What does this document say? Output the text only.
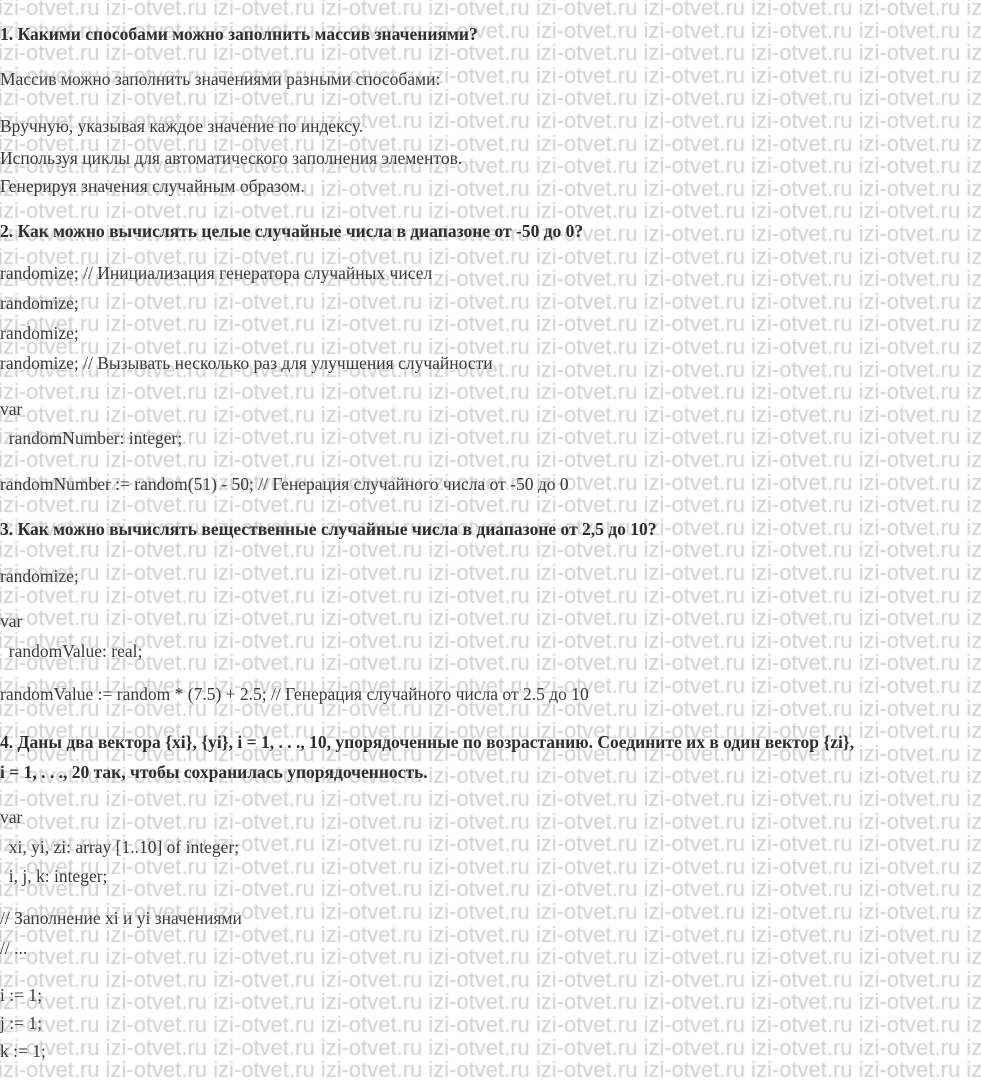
1. Какими способами можно заполнить массив значениями?
Массив можно заполнить значениями разными способами:
Вручную, указывая каждое значение по индексу.
Используя циклы для автоматического заполнения элементов.
Генерируя значения случайным образом.
2. Как можно вычислять целые случайные числа в диапазоне от -50 до 0?
randomize; // Инициализация генератора случайных чисел
randomize;
randomize;
randomize; // Вызывать несколько раз для улучшения случайности
var
randomNumber: integer;
randomNumber := random(51) - 50; // Генерация случайного числа от -50 до 0
3. Как можно вычислять вещественные случайные числа в диапазоне от 2,5 до 10?
randomize;
var
randomValue: real;
randomValue := random * (7.5) + 2.5; // Генерация случайного числа от 2.5 до 10
4. Даны два вектора {xi}, {yi}, i = 1, . . ., 10, упорядоченные по возрастанию. Соедините их в один вектор {zi},
i = 1, . . ., 20 так, чтобы сохранилась упорядоченность.
var
xi, yi, zi: array [1..10] of integer;
i, j, k: integer;
// Заполнение xi и yi значениями
// ...
i := 1;
j := 1;
k := 1;
